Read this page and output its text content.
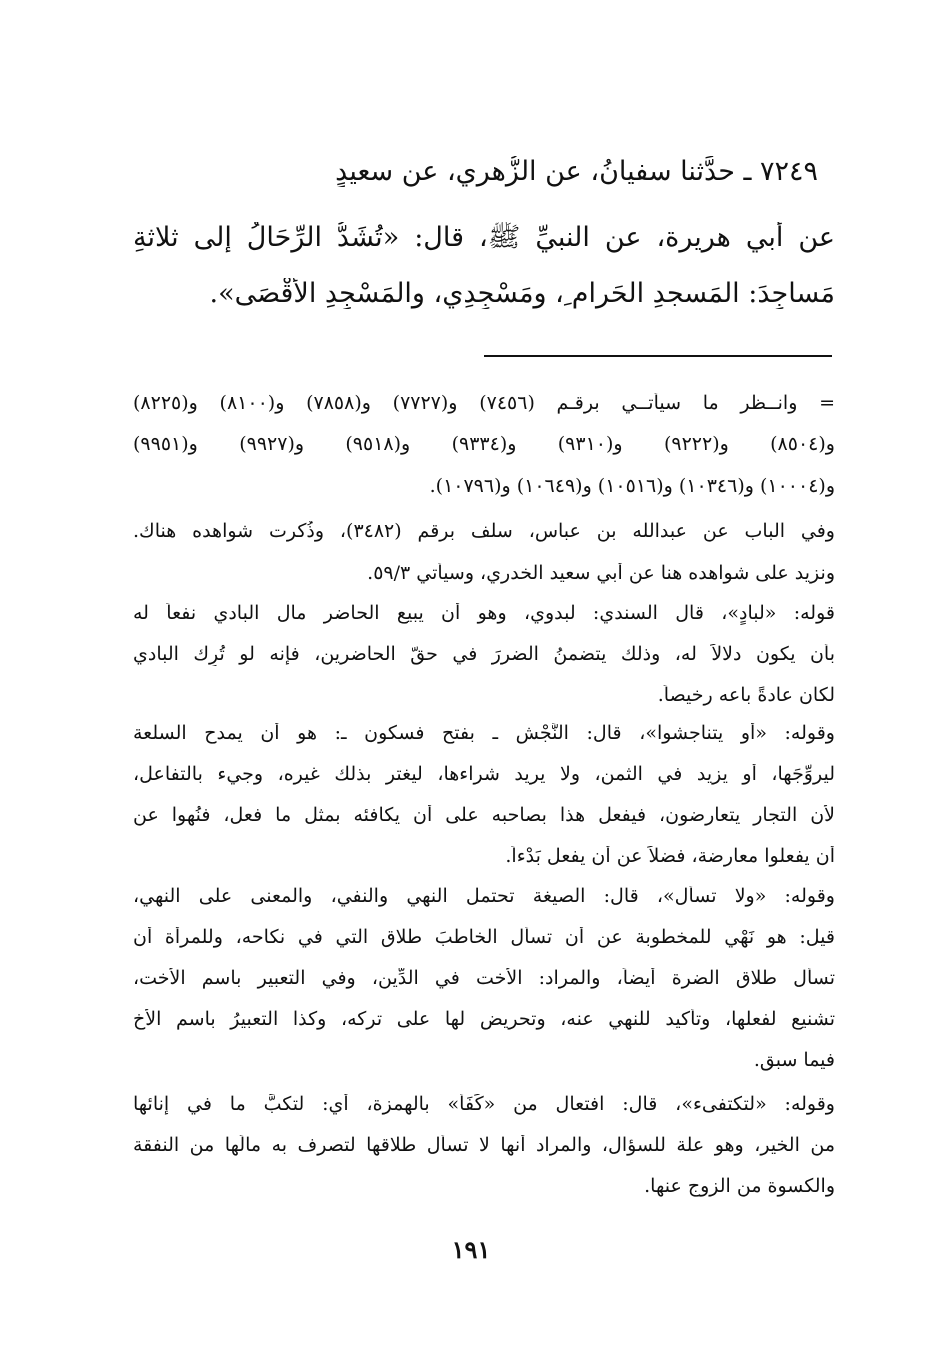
٧٢٤٩ ـ حدَّثنا سفيانُ، عن الزُّهري، عن سعيدٍ
عن أبي هريرة، عن النبيِّ ﷺ، قال: «تُشَدُّ الرِّحَالُ إلى ثلاثةِ
مَساجِدَ: المَسجدِ الحَرام ِ، ومَسْجِدِي، والمَسْجِدِ الأَقْصَى».
= وانــظر ما سيأتــي برقـم (٧٤٥٦) و(٧٧٢٧) و(٧٨٥٨) و(٨١٠٠) و(٨٢٢٥)
و(٨٥٠٤) و(٩٢٢٢) و(٩٣١٠) و(٩٣٣٤) و(٩٥١٨) و(٩٩٢٧) و(٩٩٥١)
و(١٠٠٠٤) و(١٠٣٤٦) و(١٠٥١٦) و(١٠٦٤٩) و(١٠٧٩٦).
وفي الباب عن عبدالله بن عباس، سلف برقم (٣٤٨٢)، وذُكرت شواهده هناك.
ونزيد على شواهده هنا عن أبي سعيد الخدري، وسيأتي ٥٩/٣.
قوله: «لبادٍ»، قال السندي: لبدوي، وهو أن يبيع الحاضر مال البادي نفعاً له
بأن يكون دلالاً له، وذلك يتضمنُ الضررَ في حقّ الحاضرين، فإنه لو تُرِك البادي
لكان عادةً باعه رخيصاً.
وقوله: «أو يتناجشوا»، قال: النَّجْش ـ بفتح فسكون ـ: هو أن يمدح السلعة
ليروِّجَها، أو يزيد في الثمن، ولا يريد شراءها، ليغتر بذلك غيره، وجيء بالتفاعل،
لأن التجار يتعارضون، فيفعل هذا بصاحبه على أن يكافئه بمثل ما فعل، فنُهوا عن
أن يفعلوا معارضة، فضلاً عن أن يفعل بَدْءاً.
وقوله: «ولا تسأل»، قال: الصيغة تحتمل النهي والنفي، والمعنى على النهي،
قيل: هو نَهْي للمخطوبة عن أن تسأل الخاطبَ طلاق التي في نكاحه، وللمرأة أن
تسأل طلاق الضرة أيضاً، والمراد: الأخت في الدِّين، وفي التعبير باسم الأخت،
تشنيع لفعلها، وتأكيد للنهي عنه، وتحريض لها على تركه، وكذا التعبيرُ باسم الأخ
فيما سبق.
وقوله: «لتكتفىء»، قال: افتعال من «كَفَأ» بالهمزة، أي: لتكبَّ ما في إنائها
من الخير، وهو علة للسؤال، والمراد أنها لا تسأل طلاقها لتصرف به مالَها من النفقة
والكسوة من الزوج عنها.
١٩١
